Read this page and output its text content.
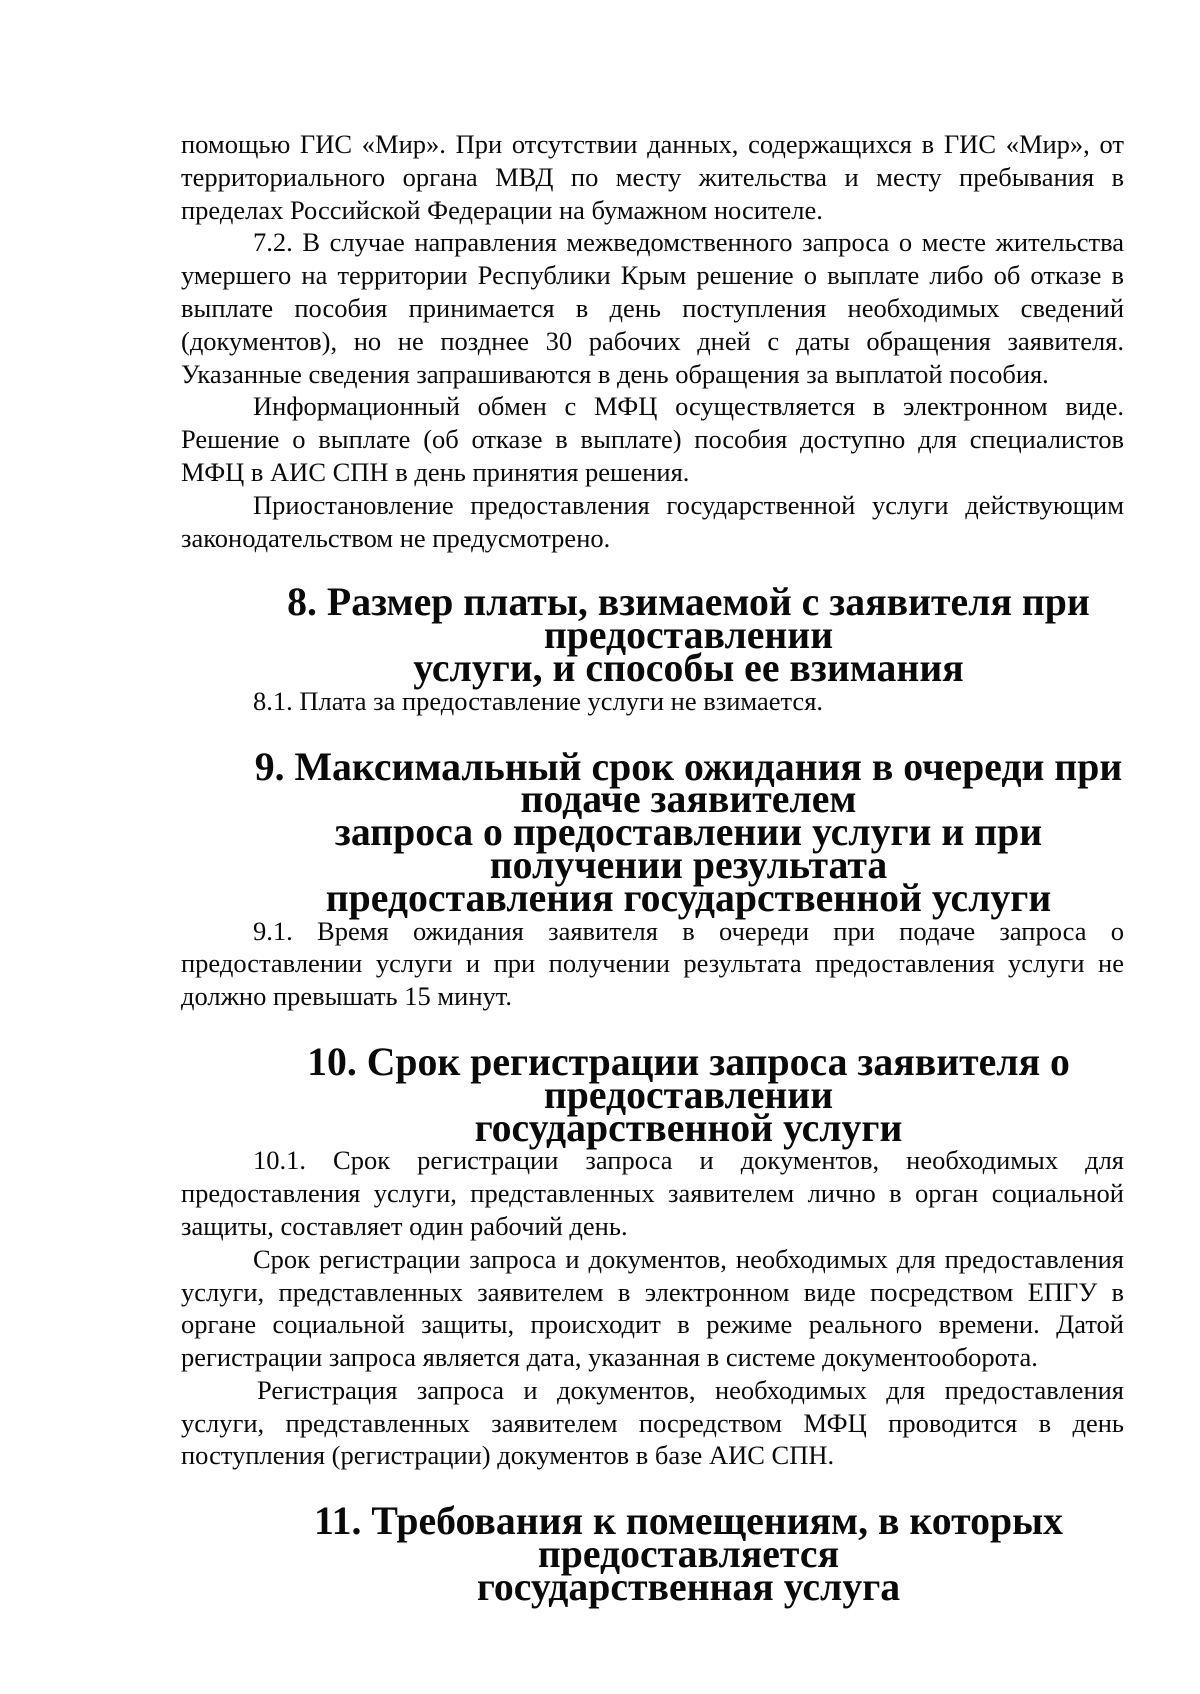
помощью ГИС «Мир». При отсутствии данных, содержащихся в ГИС «Мир», от территориального органа МВД по месту жительства и месту пребывания в пределах Российской Федерации на бумажном носителе.

7.2. В случае направления межведомственного запроса о месте жительства умершего на территории Республики Крым решение о выплате либо об отказе в выплате пособия принимается в день поступления необходимых сведений (документов), но не позднее 30 рабочих дней с даты обращения заявителя. Указанные сведения запрашиваются в день обращения за выплатой пособия.

Информационный обмен с МФЦ осуществляется в электронном виде. Решение о выплате (об отказе в выплате) пособия доступно для специалистов МФЦ в АИС СПН в день принятия решения.

Приостановление предоставления государственной услуги действующим законодательством не предусмотрено.

8. Размер платы, взимаемой с заявителя при предоставлении
услуги, и способы ее взимания

8.1. Плата за предоставление услуги не взимается.

9. Максимальный срок ожидания в очереди при подаче заявителем
запроса о предоставлении услуги и при получении результата
предоставления государственной услуги

9.1. Время ожидания заявителя в очереди при подаче запроса о предоставлении услуги и при получении результата предоставления услуги не должно превышать 15 минут.

10. Срок регистрации запроса заявителя о предоставлении
государственной услуги

10.1. Срок регистрации запроса и документов, необходимых для предоставления услуги, представленных заявителем лично в орган социальной защиты, составляет один рабочий день.

Срок регистрации запроса и документов, необходимых для предоставления услуги, представленных заявителем в электронном виде посредством ЕПГУ в органе социальной защиты, происходит в режиме реального времени. Датой регистрации запроса является дата, указанная в системе документооборота.

Регистрация запроса и документов, необходимых для предоставления услуги, представленных заявителем посредством МФЦ проводится в день поступления (регистрации) документов в базе АИС СПН.

11. Требования к помещениям, в которых предоставляется
государственная услуга
